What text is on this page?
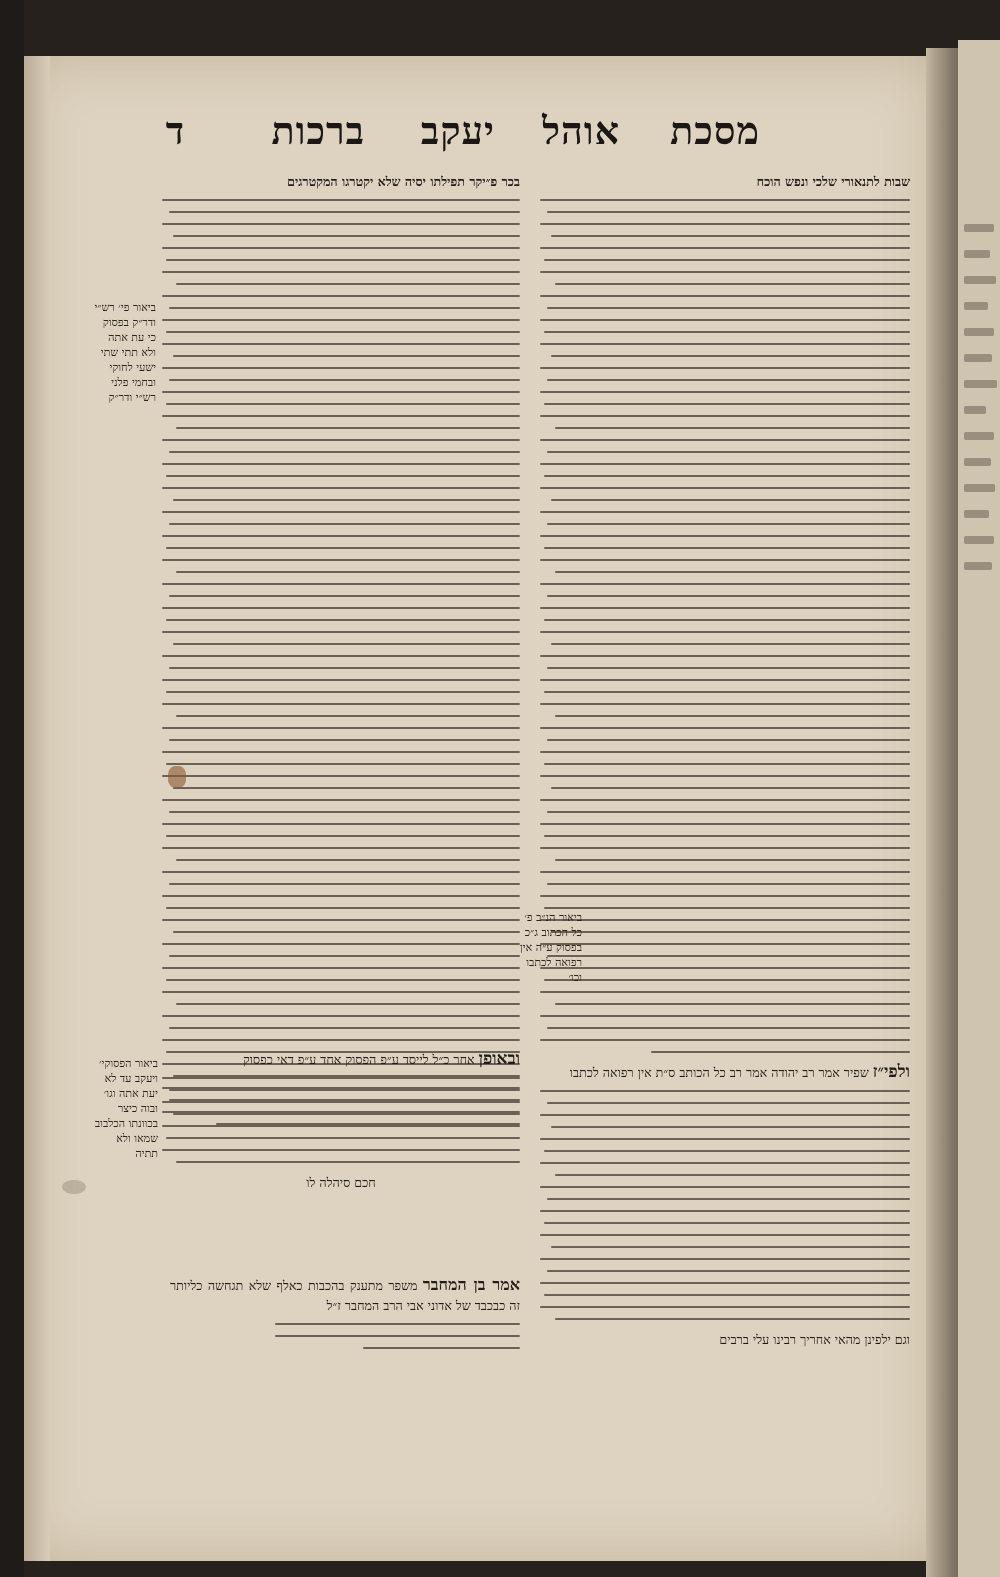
מסכת
אוהל
יעקב
ברכות
ד

שבות לתנאורי שלכי ונפש הוכח

ולפי״ז שפיר אמר רב יהודה אמר רב כל הכותב ס״ת אין רפואה לכתבו

וגם ילפינן מהאי אחריך רבינו עלי ברבים

בכר פ״יקר תפילתו יסיה שלא יקטרגו המקטרגים

ובאופן אחר כ״ל לייסד ע״פ הפסוק אחד ע״פ דאי כפסוק

חכם סיהלה לו

אמר בן המחבר משפר מתענק בהכבות כאלף שלא תגחשה כליותר זה כבכבד של אדוני אבי הרב המחבר ז״ל

ביאור פי׳ רש״י ודר״ק בפסוק כי עת אתה ולא תתי שתי ישעי לחוקי ובחמי פלני רש״י ודר״ק
ביאור הנ״ב פ׳ כל הכתוב ג״כ בפסוק ע״ה אין רפואה לכתבו וכו׳
ביאור הפסוקי׳ ויעקב עד לא יעת אתה וגו׳ ובוה כיצר בכוונתו הכלבוב שמאו ולא תתיה
